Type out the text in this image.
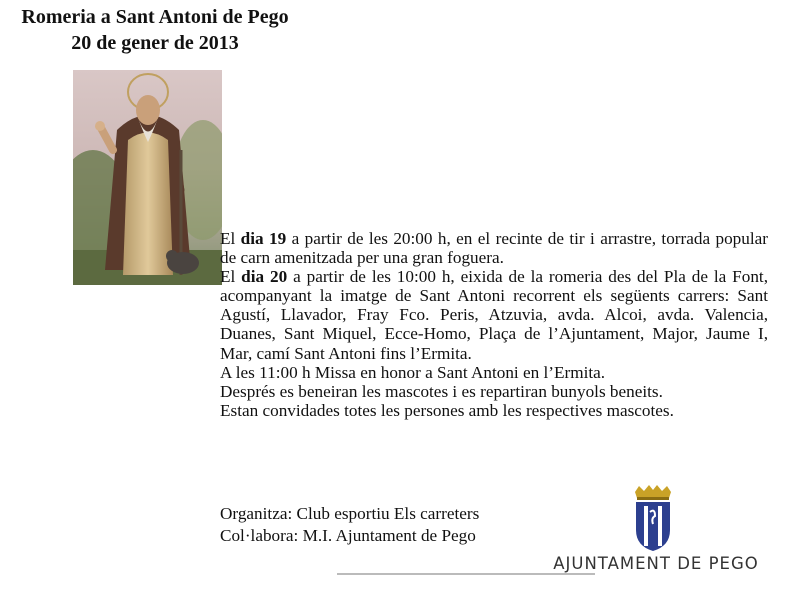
Romeria a Sant Antoni de Pego
20 de gener de 2013

El dia 19 a partir de les 20:00 h, en el recinte de tir i arrastre, torrada popular de carn amenitzada per una gran foguera.

El dia 20 a partir de les 10:00 h, eixida de la romeria des del Pla de la Font, acompanyant la imatge de Sant Antoni recorrent els següents carrers: Sant Agustí, Llavador, Fray Fco. Peris, Atzuvia, avda. Alcoi, avda. Valencia, Duanes, Sant Miquel, Ecce-Homo, Plaça de l’Ajuntament, Major, Jaume I, Mar, camí Sant Antoni fins l’Ermita.

A les 11:00 h Missa en honor a Sant Antoni en l’Ermita.

Després es beneiran les mascotes i es repartiran bunyols beneits.

Estan convidades totes les persones amb les respectives mascotes.

Organitza: Club esportiu Els carreters

Col·labora: M.I. Ajuntament de Pego

AJUNTAMENT DE PEGO
